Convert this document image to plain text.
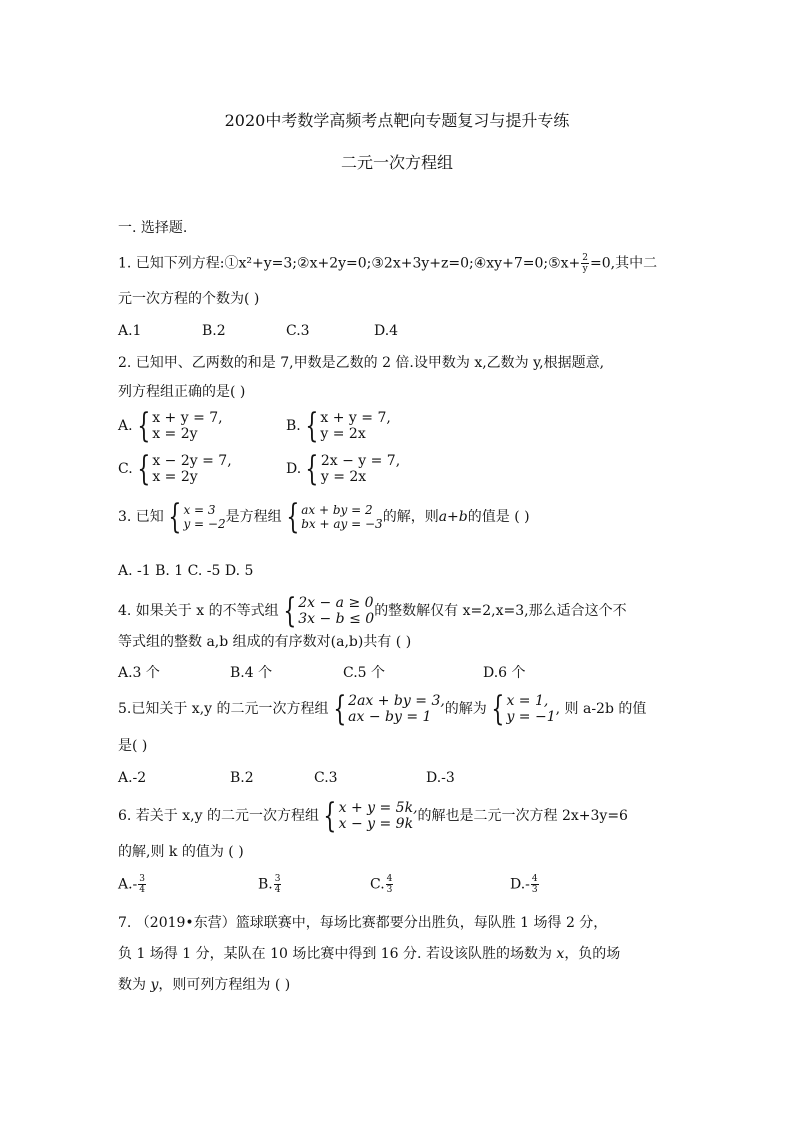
2020中考数学高频考点靶向专题复习与提升专练
二元一次方程组
一. 选择题.
1. 已知下列方程:①x²+y=3;②x+2y=0;③2x+3y+z=0;④xy+7=0;⑤x+ $\frac{2}{y} =0$,其中二
元一次方程的个数为( )
A.1	B.2	C.3	D.4
2. 已知甲、乙两数的和是 7,甲数是乙数的 2 倍.设甲数为 x,乙数为 y,根据题意,
列方程组正确的是( )
A. { x + y = 7,
x = 2y	B. { x + y = 7,
y = 2x
C. { x − 2y = 7,
x = 2y	D. { 2x − y = 7,
y = 2x
3. 已知 { x = 3
y = −2 是方程组 { ax + by = 2
bx + ay = −3 的解，则 a+b 的值是 ( )
A. -1 B. 1 C. -5 D. 5
4. 如果关于 x 的不等式组 { 2x − a ≥ 0
3x − b ≤ 0 的整数解仅有 x=2,x=3,那么适合这个不
等式组的整数 a,b 组成的有序数对(a,b)共有 ( )
A.3 个	B.4 个	C.5 个	D.6 个
5.已知关于 x,y 的二元一次方程组 { 2ax + by = 3,
ax − by = 1 的解为 { x = 1,
y = −1 , 则 a-2b 的值
是( )
A.-2	B.2	C.3	D.-3
6. 若关于 x,y 的二元一次方程组 { x + y = 5k,
x − y = 9k 的解也是二元一次方程 2x+3y=6
的解,则 k 的值为 ( )
$A.- \frac{3}{4}$	B. $\frac{3}{4}$	C. $\frac{4}{3}$	$D.- \frac{4}{3}$
7. （2019•东营）篮球联赛中，每场比赛都要分出胜负，每队胜 1 场得 2 分，
负 1 场得 1 分，某队在 10 场比赛中得到 16 分. 若设该队胜的场数为 x，负的场
数为 y，则可列方程组为 ( )
